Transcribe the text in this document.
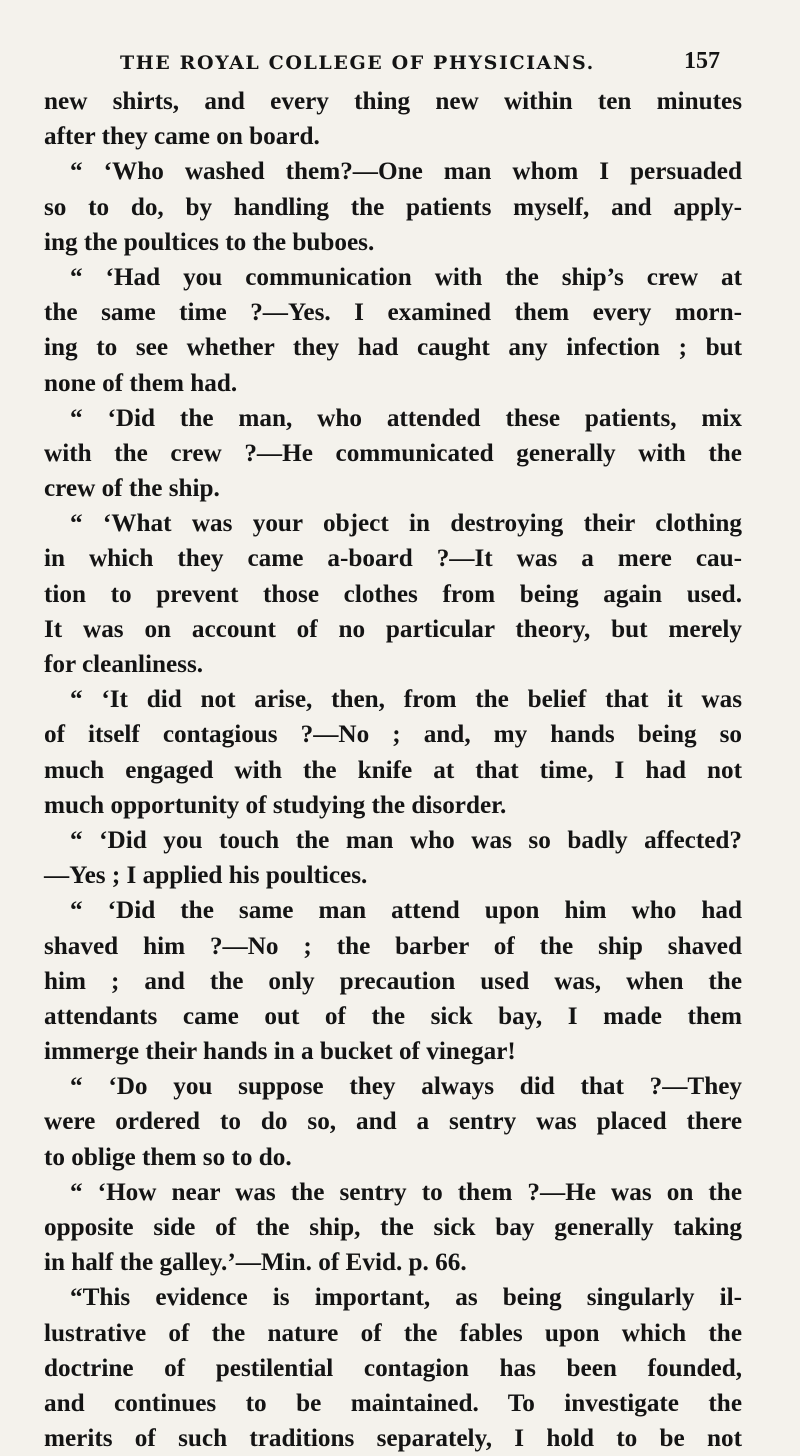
THE ROYAL COLLEGE OF PHYSICIANS.	157
new shirts, and every thing new within ten minutes
after they came on board.
“ ‘Who washed them?—One man whom I persuaded
so to do, by handling the patients myself, and apply-
ing the poultices to the buboes.
“ ‘Had you communication with the ship’s crew at
the same time ?—Yes. I examined them every morn-
ing to see whether they had caught any infection ; but
none of them had.
“ ‘Did the man, who attended these patients, mix
with the crew ?—He communicated generally with the
crew of the ship.
“ ‘What was your object in destroying their clothing
in which they came a-board ?—It was a mere cau-
tion to prevent those clothes from being again used.
It was on account of no particular theory, but merely
for cleanliness.
“ ‘It did not arise, then, from the belief that it was
of itself contagious ?—No ; and, my hands being so
much engaged with the knife at that time, I had not
much opportunity of studying the disorder.
“ ‘Did you touch the man who was so badly affected?
—Yes ; I applied his poultices.
“ ‘Did the same man attend upon him who had
shaved him ?—No ; the barber of the ship shaved
him ; and the only precaution used was, when the
attendants came out of the sick bay, I made them
immerge their hands in a bucket of vinegar!
“ ‘Do you suppose they always did that ?—They
were ordered to do so, and a sentry was placed there
to oblige them so to do.
“ ‘How near was the sentry to them ?—He was on the
opposite side of the ship, the sick bay generally taking
in half the galley.’—Min. of Evid. p. 66.
“This evidence is important, as being singularly il-
lustrative of the nature of the fables upon which the
doctrine of pestilential contagion has been founded,
and continues to be maintained. To investigate the
merits of such traditions separately, I hold to be not
